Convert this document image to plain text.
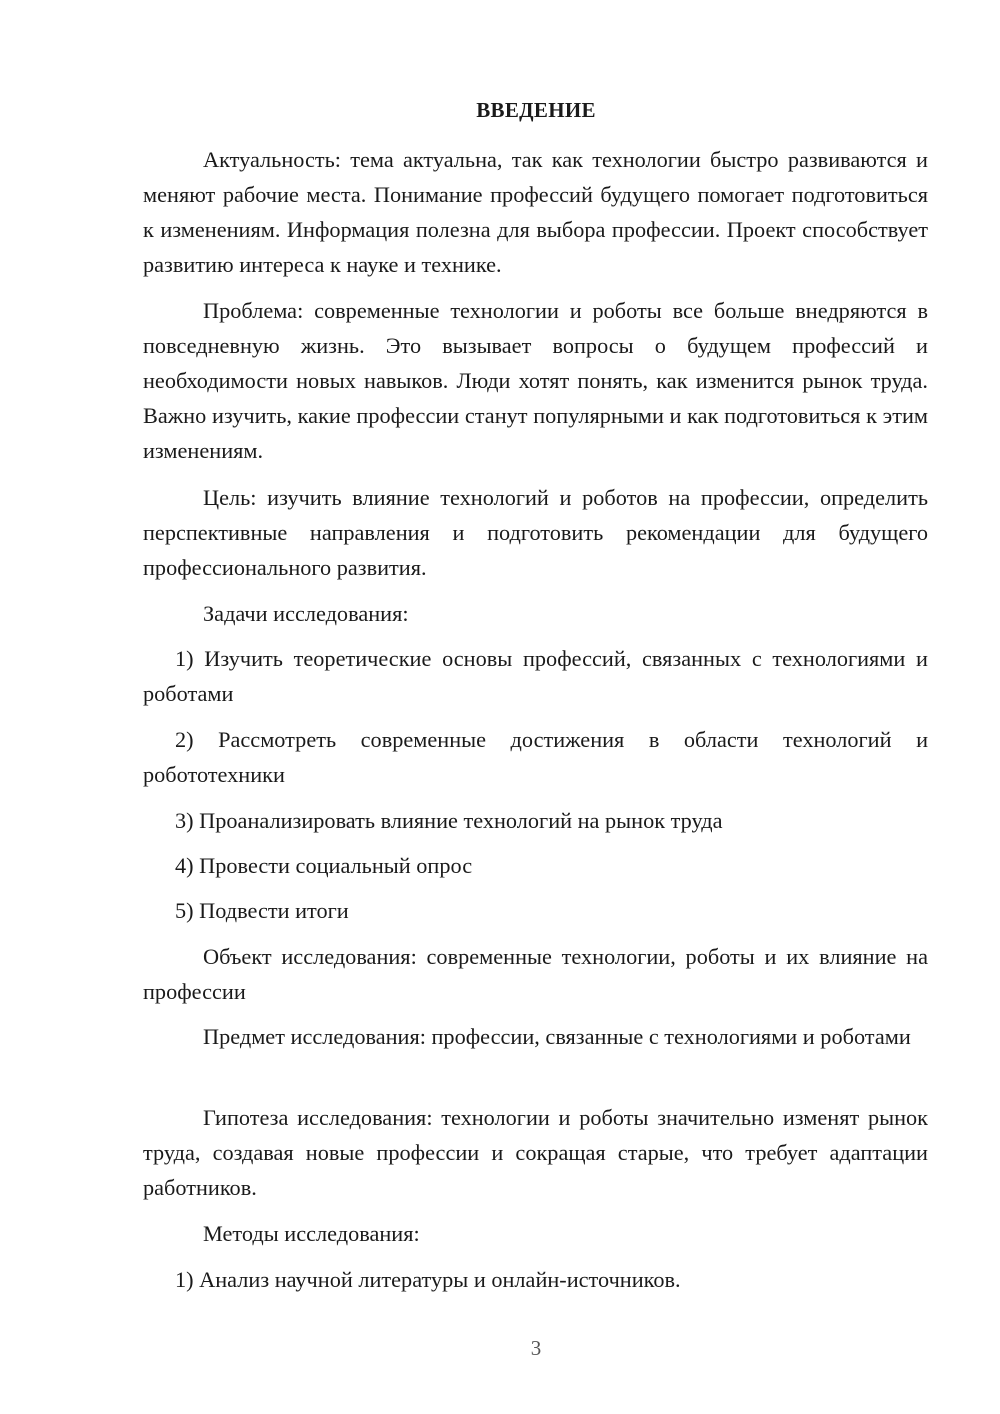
ВВЕДЕНИЕ

Актуальность: тема актуальна, так как технологии быстро развиваются и меняют рабочие места. Понимание профессий будущего помогает подготовиться к изменениям. Информация полезна для выбора профессии. Проект способствует развитию интереса к науке и технике.

Проблема: современные технологии и роботы все больше внедряются в повседневную жизнь. Это вызывает вопросы о будущем профессий и необходимости новых навыков. Люди хотят понять, как изменится рынок труда. Важно изучить, какие профессии станут популярными и как подготовиться к этим изменениям.

Цель: изучить влияние технологий и роботов на профессии, определить перспективные направления и подготовить рекомендации для будущего профессионального развития.

Задачи исследования:

1) Изучить теоретические основы профессий, связанных с технологиями и роботами

2) Рассмотреть современные достижения в области технологий и робототехники

3) Проанализировать влияние технологий на рынок труда

4) Провести социальный опрос

5) Подвести итоги

Объект исследования: современные технологии, роботы и их влияние на профессии

Предмет исследования: профессии, связанные с технологиями и роботами

Гипотеза исследования: технологии и роботы значительно изменят рынок труда, создавая новые профессии и сокращая старые, что требует адаптации работников.

Методы исследования:

1) Анализ научной литературы и онлайн-источников.

3
